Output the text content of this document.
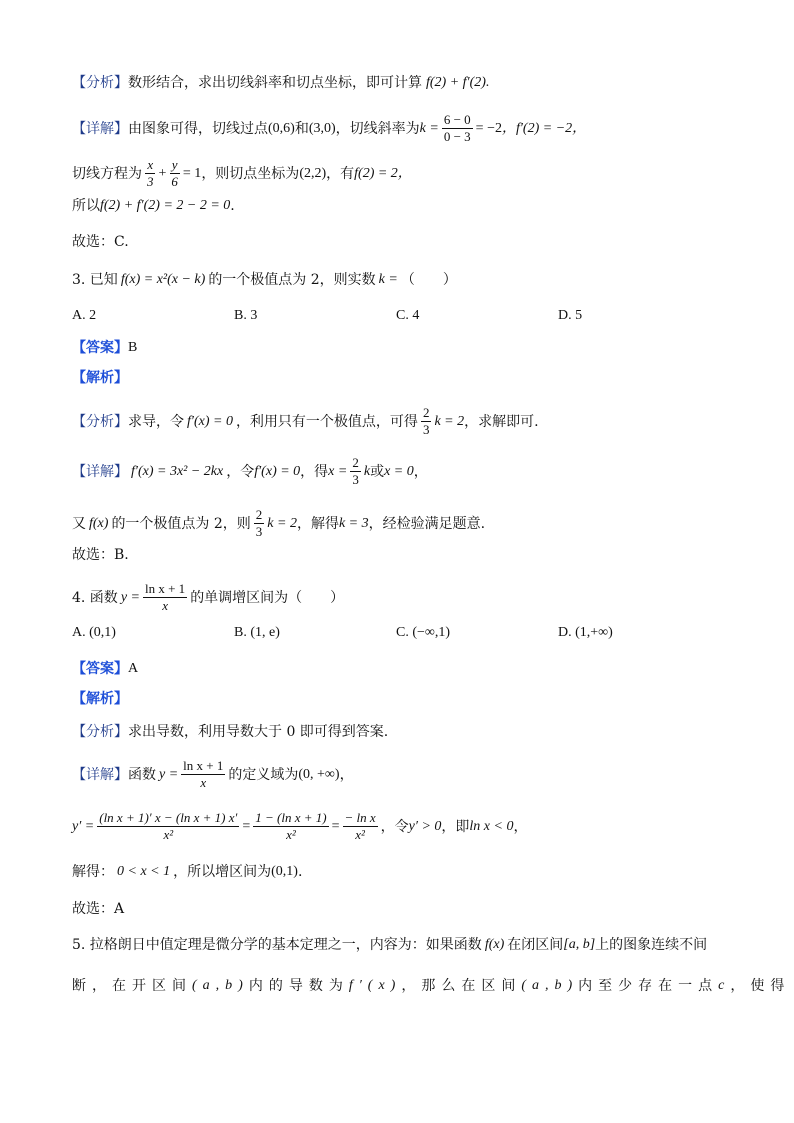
【分析】 数形结合，求出切线斜率和切点坐标，即可计算 f(2) + f′(2).
【详解】 由图象可得，切线过点 (0,6) 和 (3,0) ，切线斜率为 $k = \frac{6 - 0}{0 - 3} = -2$ ，f′(2) = −2，
切线方程为 $\frac{x}{3} + \frac{y}{6} = 1$ ，则切点坐标为 (2,2) ，有 f(2) = 2，
所以 f(2) + f′(2) = 2 − 2 = 0 .
故选：C.
3. 已知 f(x) = x²(x − k) 的一个极值点为 2，则实数 k = （　　）
A. 2	B. 3	C. 4	D. 5
【答案】 B
【解析】
【分析】 求导，令 f′(x) = 0 ，利用只有一个极值点，可得 $\frac{2}{3}$ k = 2 ，求解即可.
【详解】 f′(x) = 3x² − 2kx ，令 f′(x) = 0 ，得 $x = \frac{2}{3}$ k 或 x = 0 ，
又 f(x) 的一个极值点为 2，则 $\frac{2}{3}$ k = 2 ，解得 k = 3 ，经检验满足题意.
故选：B.
4. 函数 $y = \frac{\text{ln x + 1}}{x}$ 的单调增区间为（　　）
A. (0,1)	B. (1, e)	C. (−∞,1)	D. (1,+∞)
【答案】 A
【解析】
【分析】 求出导数，利用导数大于 0 即可得到答案.
【详解】 函数 $y = \frac{\text{ln x + 1}}{x}$ 的定义域为 (0, +∞) ，
$y' = \frac{\text{(ln x + 1)′ x − (ln x + 1) x′}}{\text{x²}} = \frac{\text{1 − (ln x + 1)}}{\text{x²}} = \frac{\text{− ln x}}{\text{x²}}$ ，令 y′ > 0 ，即 ln x < 0 ，
解得： 0 < x < 1 ，所以增区间为 (0,1) .
故选：A
5. 拉格朗日中值定理是微分学的基本定理之一，内容为：如果函数 f(x) 在闭区间 [a, b] 上的图象连续不间
断，在开区间 (a,b) 内的导数为 f′(x) ，那么在区间 (a,b) 内至少存在一点 c ，使得
